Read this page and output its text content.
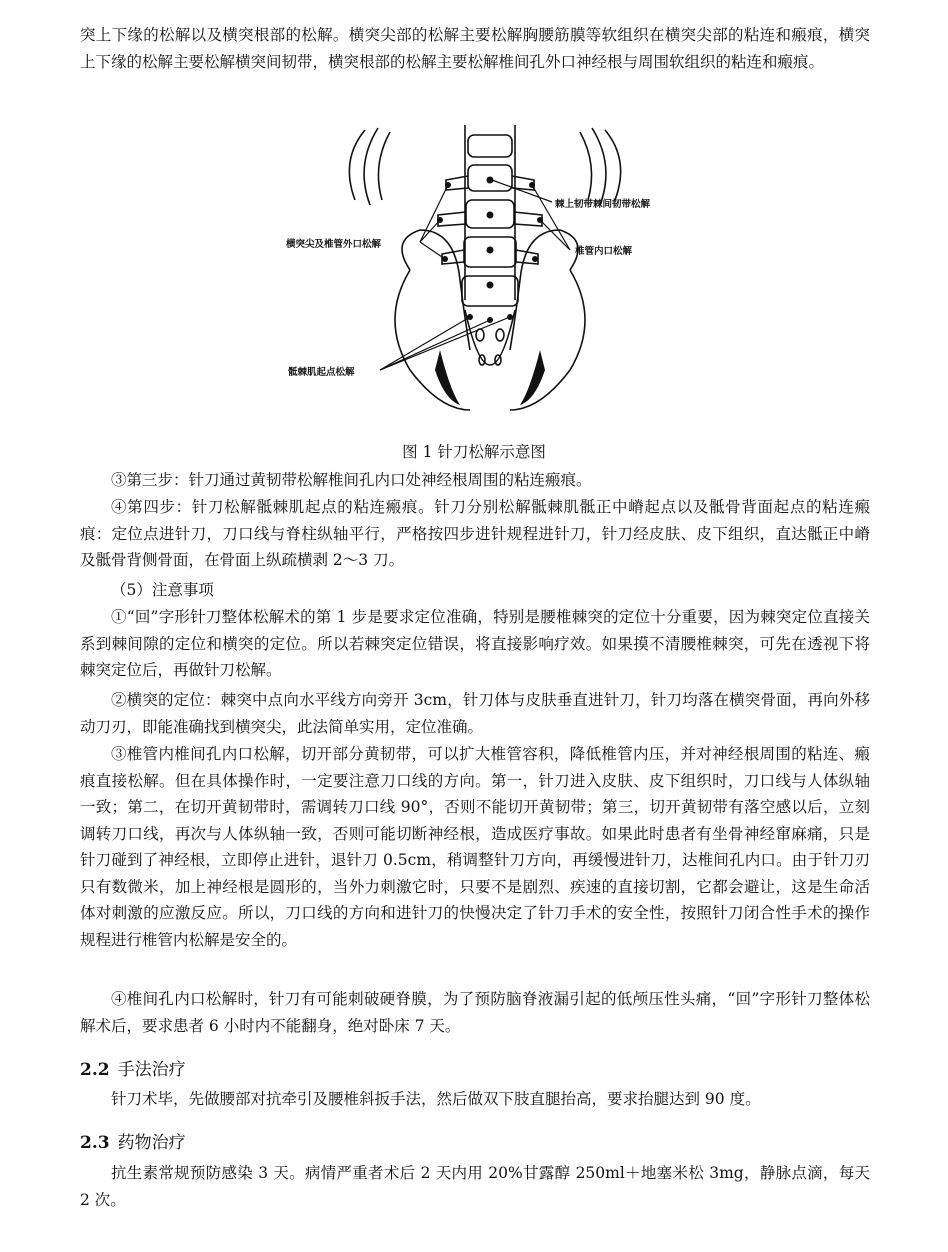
突上下缘的松解以及横突根部的松解。横突尖部的松解主要松解胸腰筋膜等软组织在横突尖部的粘连和瘢痕，横突上下缘的松解主要松解横突间韧带，横突根部的松解主要松解椎间孔外口神经根与周围软组织的粘连和瘢痕。

棘上韧带棘间韧带松解
横突尖及椎管外口松解
椎管内口松解
骶棘肌起点松解
图 1 针刀松解示意图

③第三步：针刀通过黄韧带松解椎间孔内口处神经根周围的粘连瘢痕。

④第四步：针刀松解骶棘肌起点的粘连瘢痕。针刀分别松解骶棘肌骶正中嵴起点以及骶骨背面起点的粘连瘢痕：定位点进针刀，刀口线与脊柱纵轴平行，严格按四步进针规程进针刀，针刀经皮肤、皮下组织，直达骶正中嵴及骶骨背侧骨面，在骨面上纵疏横剥 2～3 刀。

（5）注意事项

①“回”字形针刀整体松解术的第 1 步是要求定位准确，特别是腰椎棘突的定位十分重要，因为棘突定位直接关系到棘间隙的定位和横突的定位。所以若棘突定位错误，将直接影响疗效。如果摸不清腰椎棘突，可先在透视下将棘突定位后，再做针刀松解。

②横突的定位：棘突中点向水平线方向旁开 3cm，针刀体与皮肤垂直进针刀，针刀均落在横突骨面，再向外移动刀刃，即能准确找到横突尖，此法简单实用，定位准确。

③椎管内椎间孔内口松解，切开部分黄韧带，可以扩大椎管容积，降低椎管内压，并对神经根周围的粘连、瘢痕直接松解。但在具体操作时，一定要注意刀口线的方向。第一，针刀进入皮肤、皮下组织时，刀口线与人体纵轴一致；第二，在切开黄韧带时，需调转刀口线 90°，否则不能切开黄韧带；第三，切开黄韧带有落空感以后，立刻调转刀口线，再次与人体纵轴一致，否则可能切断神经根，造成医疗事故。如果此时患者有坐骨神经窜麻痛，只是针刀碰到了神经根，立即停止进针，退针刀 0.5cm，稍调整针刀方向，再缓慢进针刀，达椎间孔内口。由于针刀刃只有数微米，加上神经根是圆形的，当外力刺激它时，只要不是剧烈、疾速的直接切割，它都会避让，这是生命活体对刺激的应激反应。所以，刀口线的方向和进针刀的快慢决定了针刀手术的安全性，按照针刀闭合性手术的操作规程进行椎管内松解是安全的。

④椎间孔内口松解时，针刀有可能刺破硬脊膜，为了预防脑脊液漏引起的低颅压性头痛，“回”字形针刀整体松解术后，要求患者 6 小时内不能翻身，绝对卧床 7 天。

2.2 手法治疗

针刀术毕，先做腰部对抗牵引及腰椎斜扳手法，然后做双下肢直腿抬高，要求抬腿达到 90 度。

2.3 药物治疗

抗生素常规预防感染 3 天。病情严重者术后 2 天内用 20%甘露醇 250ml＋地塞米松 3mg，静脉点滴，每天 2 次。
